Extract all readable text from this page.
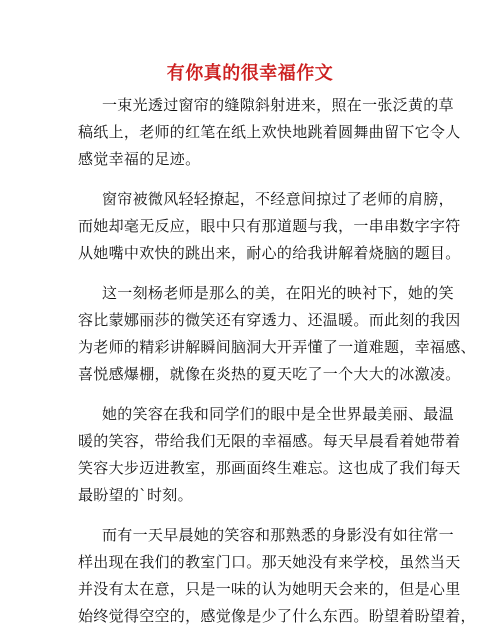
有你真的很幸福作文
一束光透过窗帘的缝隙斜射进来，照在一张泛黄的草
稿纸上，老师的红笔在纸上欢快地跳着圆舞曲留下它令人
感觉幸福的足迹。
窗帘被微风轻轻撩起，不经意间掠过了老师的肩膀，
而她却毫无反应，眼中只有那道题与我，一串串数字字符
从她嘴中欢快的跳出来，耐心的给我讲解着烧脑的题目。
这一刻杨老师是那么的美，在阳光的映衬下，她的笑
容比蒙娜丽莎的微笑还有穿透力、还温暖。而此刻的我因
为老师的精彩讲解瞬间脑洞大开弄懂了一道难题，幸福感、
喜悦感爆棚，就像在炎热的夏天吃了一个大大的冰激凌。
她的笑容在我和同学们的眼中是全世界最美丽、最温
暖的笑容，带给我们无限的幸福感。每天早晨看着她带着
笑容大步迈进教室，那画面终生难忘。这也成了我们每天
最盼望的`时刻。
而有一天早晨她的笑容和那熟悉的身影没有如往常一
样出现在我们的教室门口。那天她没有来学校，虽然当天
并没有太在意，只是一味的认为她明天会来的，但是心里
始终觉得空空的，感觉像是少了什么东西。盼望着盼望着，
